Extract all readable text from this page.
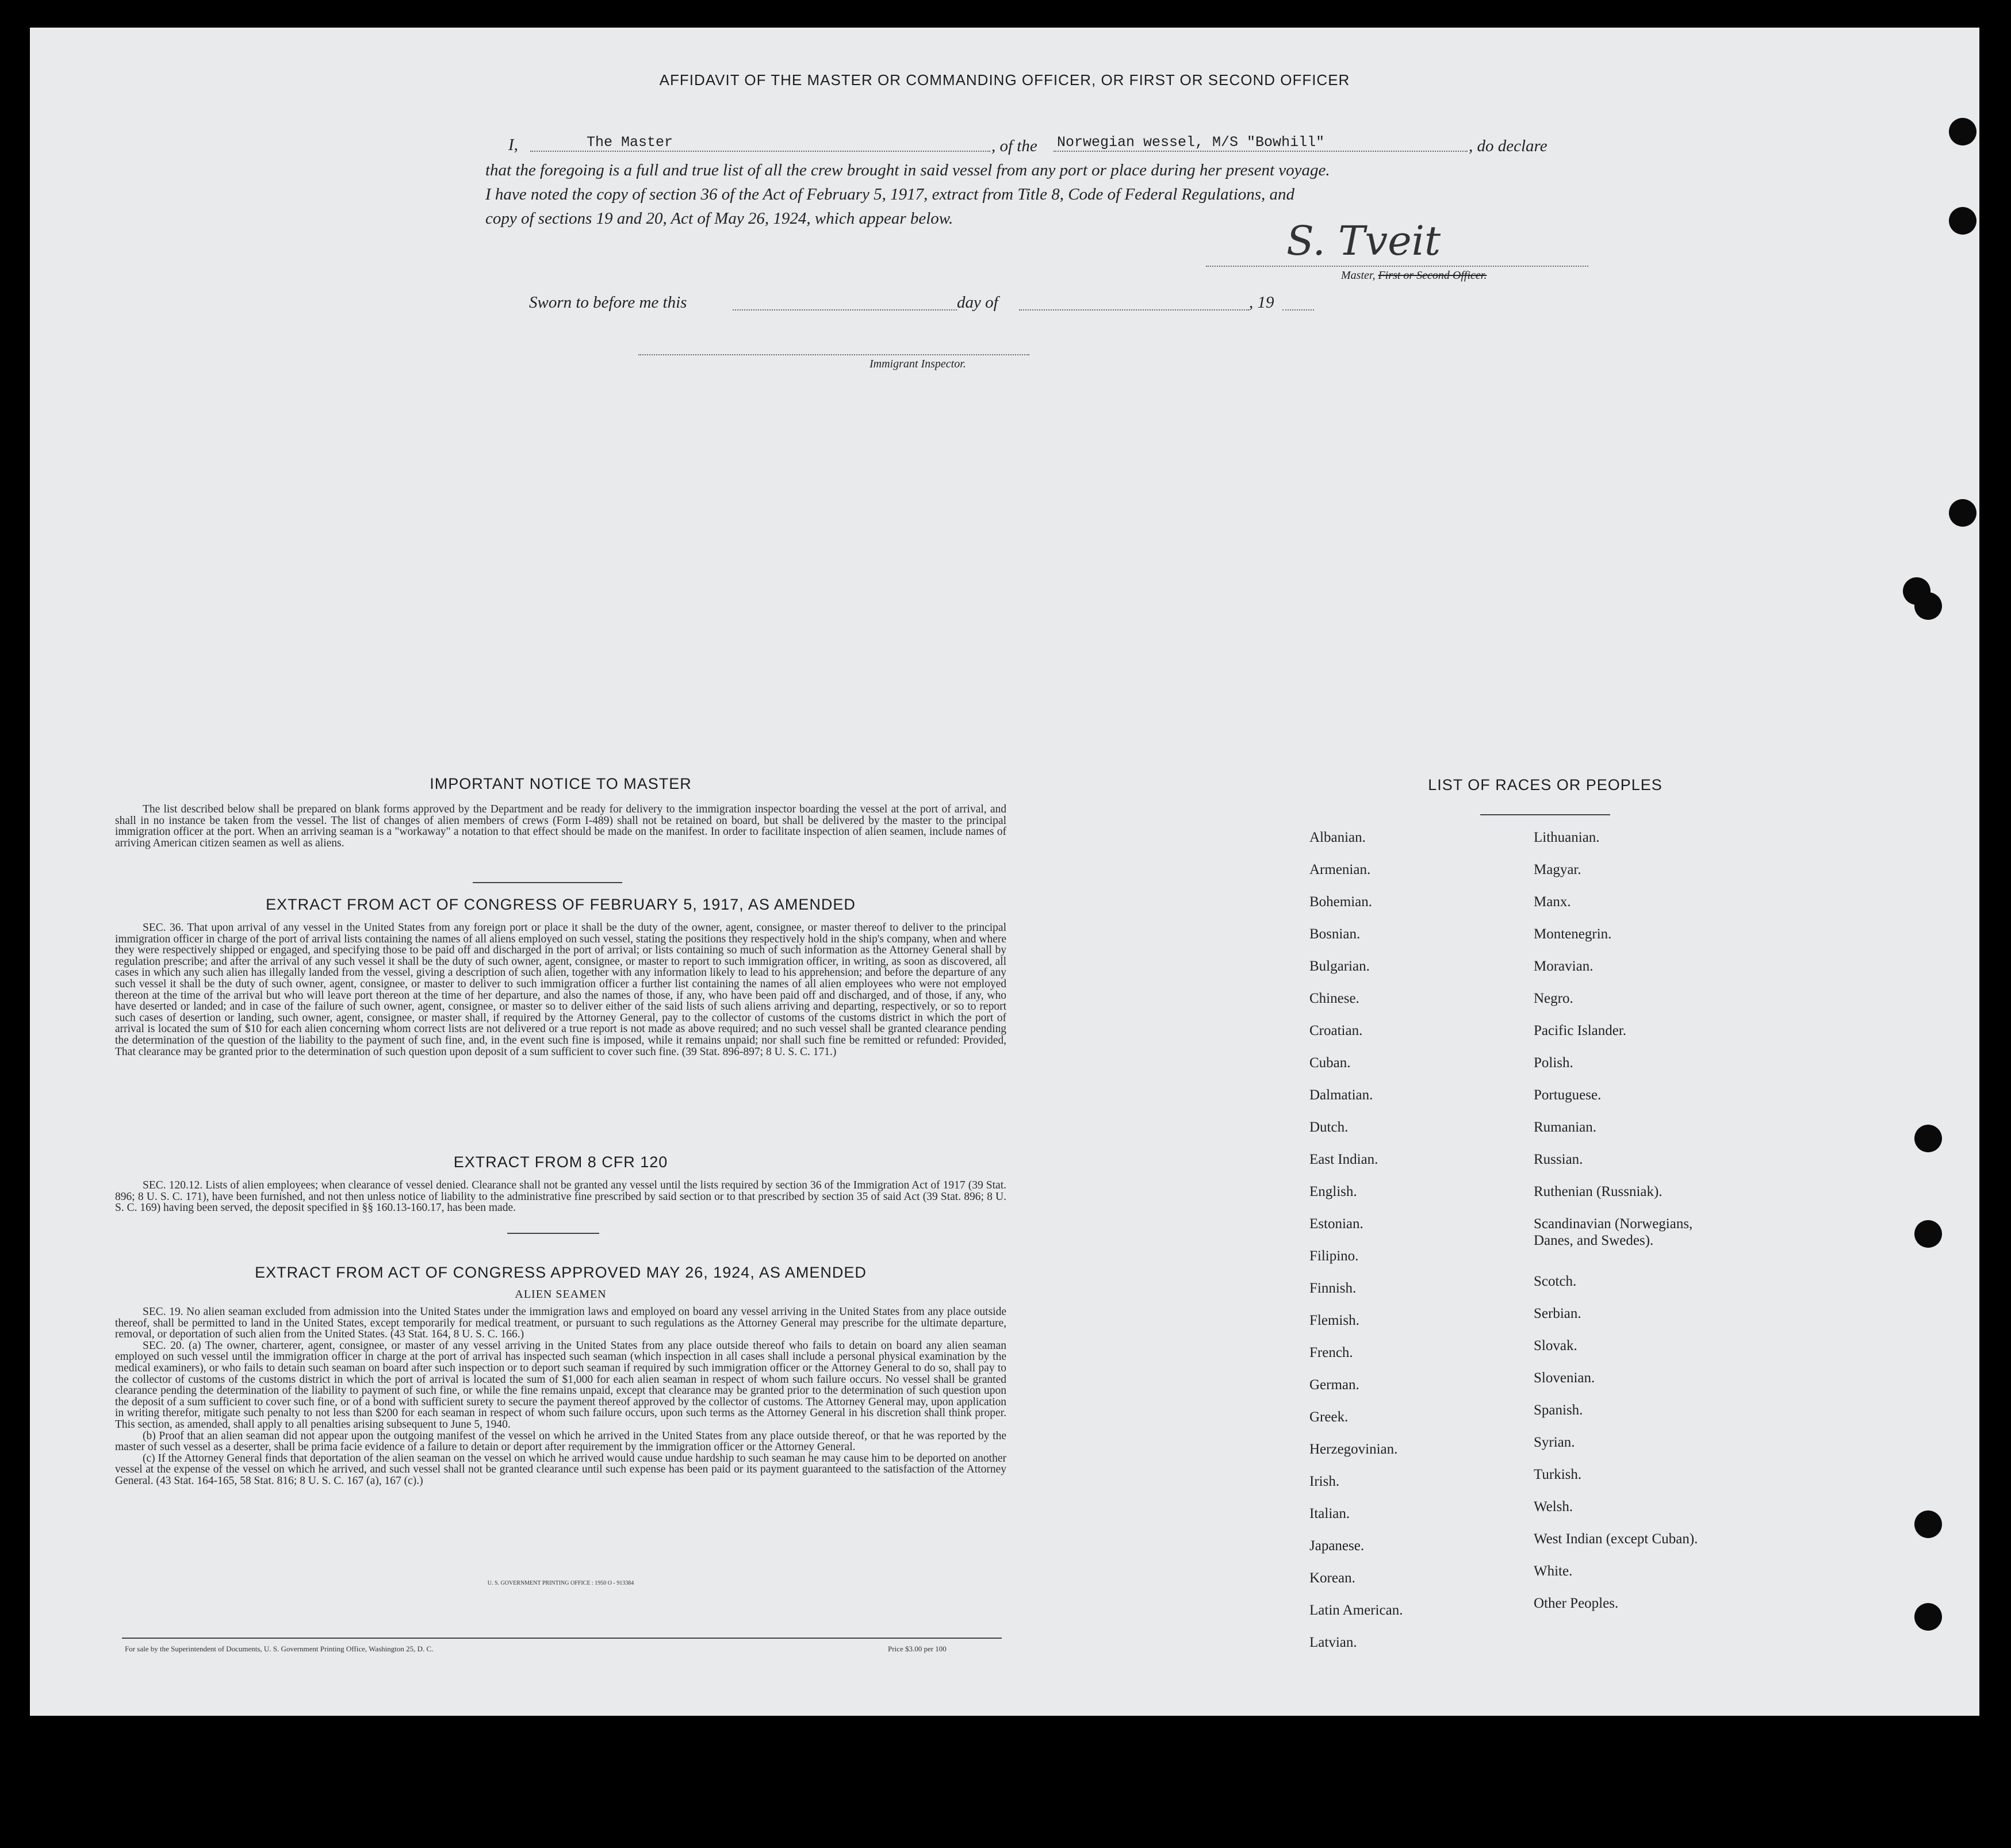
AFFIDAVIT OF THE MASTER OR COMMANDING OFFICER, OR FIRST OR SECOND OFFICER
I,	The Master	, of the Norwegian wessel, M/S "Bowhill"	, do declare
that the foregoing is a full and true list of all the crew brought in said vessel from any port or place during her present voyage.
I have noted the copy of section 36 of the Act of February 5, 1917, extract from Title 8, Code of Federal Regulations, and
copy of sections 19 and 20, Act of May 26, 1924, which appear below.	S. Tveit
Master, First or Second Officer.
Sworn to before me this	day of	, 19
Immigrant Inspector.
IMPORTANT NOTICE TO MASTER

The list described below shall be prepared on blank forms approved by the Department and be ready for delivery to the immigration inspector boarding the vessel at the port of arrival, and shall in no instance be taken from the vessel. The list of changes of alien members of crews (Form I-489) shall not be retained on board, but shall be delivered by the master to the principal immigration officer at the port. When an arriving seaman is a "workaway" a notation to that effect should be made on the manifest. In order to facilitate inspection of alien seamen, include names of arriving American citizen seamen as well as aliens.

EXTRACT FROM ACT OF CONGRESS OF FEBRUARY 5, 1917, AS AMENDED

SEC. 36. That upon arrival of any vessel in the United States from any foreign port or place it shall be the duty of the owner, agent, consignee, or master thereof to deliver to the principal immigration officer in charge of the port of arrival lists containing the names of all aliens employed on such vessel, stating the positions they respectively hold in the ship's company, when and where they were respectively shipped or engaged, and specifying those to be paid off and discharged in the port of arrival; or lists containing so much of such information as the Attorney General shall by regulation prescribe; and after the arrival of any such vessel it shall be the duty of such owner, agent, consignee, or master to report to such immigration officer, in writing, as soon as discovered, all cases in which any such alien has illegally landed from the vessel, giving a description of such alien, together with any information likely to lead to his apprehension; and before the departure of any such vessel it shall be the duty of such owner, agent, consignee, or master to deliver to such immigration officer a further list containing the names of all alien employees who were not employed thereon at the time of the arrival but who will leave port thereon at the time of her departure, and also the names of those, if any, who have been paid off and discharged, and of those, if any, who have deserted or landed; and in case of the failure of such owner, agent, consignee, or master so to deliver either of the said lists of such aliens arriving and departing, respectively, or so to report such cases of desertion or landing, such owner, agent, consignee, or master shall, if required by the Attorney General, pay to the collector of customs of the customs district in which the port of arrival is located the sum of $10 for each alien concerning whom correct lists are not delivered or a true report is not made as above required; and no such vessel shall be granted clearance pending the determination of the question of the liability to the payment of such fine, and, in the event such fine is imposed, while it remains unpaid; nor shall such fine be remitted or refunded: Provided, That clearance may be granted prior to the determination of such question upon deposit of a sum sufficient to cover such fine. (39 Stat. 896-897; 8 U. S. C. 171.)

EXTRACT FROM 8 CFR 120

SEC. 120.12. Lists of alien employees; when clearance of vessel denied. Clearance shall not be granted any vessel until the lists required by section 36 of the Immigration Act of 1917 (39 Stat. 896; 8 U. S. C. 171), have been furnished, and not then unless notice of liability to the administrative fine prescribed by said section or to that prescribed by section 35 of said Act (39 Stat. 896; 8 U. S. C. 169) having been served, the deposit specified in §§ 160.13-160.17, has been made.

EXTRACT FROM ACT OF CONGRESS APPROVED MAY 26, 1924, AS AMENDED
ALIEN SEAMEN

SEC. 19. No alien seaman excluded from admission into the United States under the immigration laws and employed on board any vessel arriving in the United States from any place outside thereof, shall be permitted to land in the United States, except temporarily for medical treatment, or pursuant to such regulations as the Attorney General may prescribe for the ultimate departure, removal, or deportation of such alien from the United States. (43 Stat. 164, 8 U. S. C. 166.)

SEC. 20. (a) The owner, charterer, agent, consignee, or master of any vessel arriving in the United States from any place outside thereof who fails to detain on board any alien seaman employed on such vessel until the immigration officer in charge at the port of arrival has inspected such seaman (which inspection in all cases shall include a personal physical examination by the medical examiners), or who fails to detain such seaman on board after such inspection or to deport such seaman if required by such immigration officer or the Attorney General to do so, shall pay to the collector of customs of the customs district in which the port of arrival is located the sum of $1,000 for each alien seaman in respect of whom such failure occurs. No vessel shall be granted clearance pending the determination of the liability to payment of such fine, or while the fine remains unpaid, except that clearance may be granted prior to the determination of such question upon the deposit of a sum sufficient to cover such fine, or of a bond with sufficient surety to secure the payment thereof approved by the collector of customs. The Attorney General may, upon application in writing therefor, mitigate such penalty to not less than $200 for each seaman in respect of whom such failure occurs, upon such terms as the Attorney General in his discretion shall think proper. This section, as amended, shall apply to all penalties arising subsequent to June 5, 1940.

(b) Proof that an alien seaman did not appear upon the outgoing manifest of the vessel on which he arrived in the United States from any place outside thereof, or that he was reported by the master of such vessel as a deserter, shall be prima facie evidence of a failure to detain or deport after requirement by the immigration officer or the Attorney General.

(c) If the Attorney General finds that deportation of the alien seaman on the vessel on which he arrived would cause undue hardship to such seaman he may cause him to be deported on another vessel at the expense of the vessel on which he arrived, and such vessel shall not be granted clearance until such expense has been paid or its payment guaranteed to the satisfaction of the Attorney General. (43 Stat. 164-165, 58 Stat. 816; 8 U. S. C. 167 (a), 167 (c).)

U. S. GOVERNMENT PRINTING OFFICE : 1950 O - 913384
For sale by the Superintendent of Documents, U. S. Government Printing Office, Washington 25, D. C.	Price $3.00 per 100
LIST OF RACES OR PEOPLES
Albanian.
Armenian.
Bohemian.
Bosnian.
Bulgarian.
Chinese.
Croatian.
Cuban.
Dalmatian.
Dutch.
East Indian.
English.
Estonian.
Filipino.
Finnish.
Flemish.
French.
German.
Greek.
Herzegovinian.
Irish.
Italian.
Japanese.
Korean.
Latin American.
Latvian.
Lithuanian.
Magyar.
Manx.
Montenegrin.
Moravian.
Negro.
Pacific Islander.
Polish.
Portuguese.
Rumanian.
Russian.
Ruthenian (Russniak).
Scandinavian (Norwegians,
Danes, and Swedes).
Scotch.
Serbian.
Slovak.
Slovenian.
Spanish.
Syrian.
Turkish.
Welsh.
West Indian (except Cuban).
White.
Other Peoples.
